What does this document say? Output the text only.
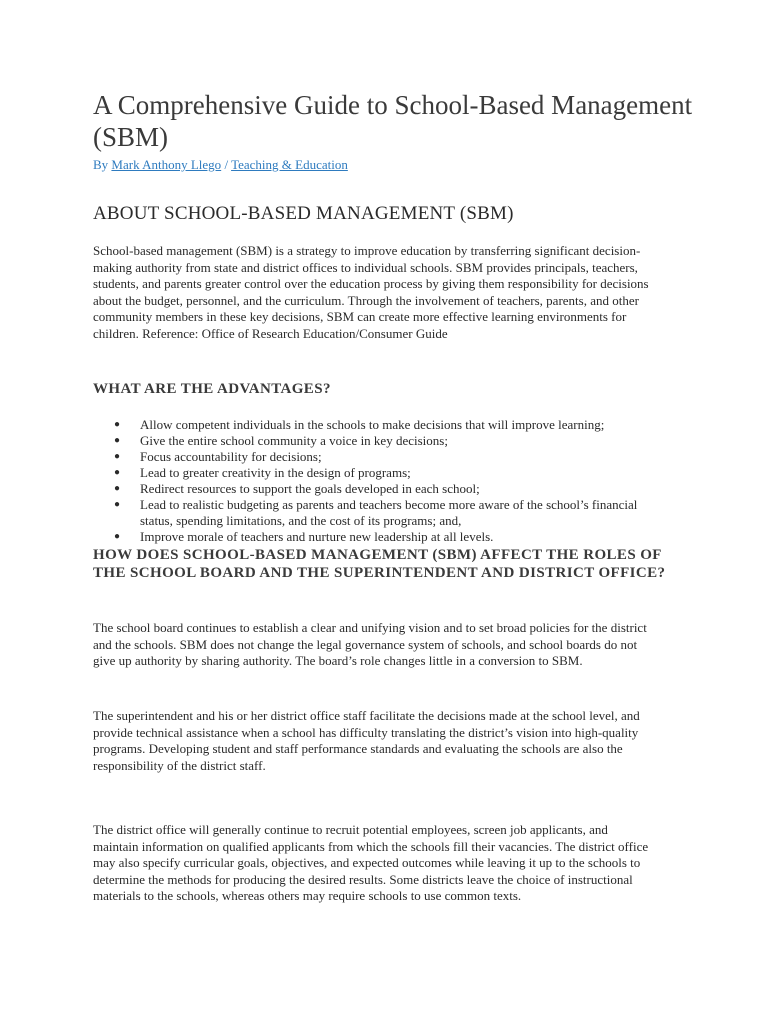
A Comprehensive Guide to School-Based Management (SBM)
By Mark Anthony Llego / Teaching & Education
ABOUT SCHOOL-BASED MANAGEMENT (SBM)

School-based management (SBM) is a strategy to improve education by transferring significant decision-making authority from state and district offices to individual schools. SBM provides principals, teachers, students, and parents greater control over the education process by giving them responsibility for decisions about the budget, personnel, and the curriculum. Through the involvement of teachers, parents, and other community members in these key decisions, SBM can create more effective learning environments for children. Reference: Office of Research Education/Consumer Guide

WHAT ARE THE ADVANTAGES?
● Allow competent individuals in the schools to make decisions that will improve learning;
● Give the entire school community a voice in key decisions;
● Focus accountability for decisions;
● Lead to greater creativity in the design of programs;
● Redirect resources to support the goals developed in each school;
● Lead to realistic budgeting as parents and teachers become more aware of the school’s financial status, spending limitations, and the cost of its programs; and,
● Improve morale of teachers and nurture new leadership at all levels.
HOW DOES SCHOOL-BASED MANAGEMENT (SBM) AFFECT THE ROLES OF THE SCHOOL BOARD AND THE SUPERINTENDENT AND DISTRICT OFFICE?

The school board continues to establish a clear and unifying vision and to set broad policies for the district and the schools. SBM does not change the legal governance system of schools, and school boards do not give up authority by sharing authority. The board’s role changes little in a conversion to SBM.

The superintendent and his or her district office staff facilitate the decisions made at the school level, and provide technical assistance when a school has difficulty translating the district’s vision into high-quality programs. Developing student and staff performance standards and evaluating the schools are also the responsibility of the district staff.

The district office will generally continue to recruit potential employees, screen job applicants, and maintain information on qualified applicants from which the schools fill their vacancies. The district office may also specify curricular goals, objectives, and expected outcomes while leaving it up to the schools to determine the methods for producing the desired results. Some districts leave the choice of instructional materials to the schools, whereas others may require schools to use common texts.
